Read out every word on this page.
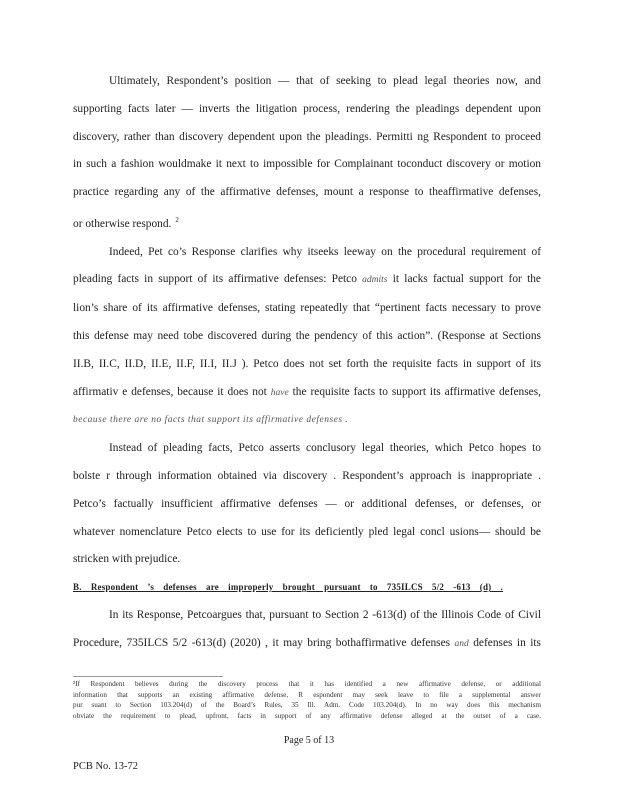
Ultimately, Respondent’s position — that of seeking to plead legal theories now, and
supporting facts later — inverts the litigation process, rendering the pleadings dependent upon
discovery, rather than discovery dependent upon the pleadings. Permitti ng Respondent to proceed
in such a fashion wouldmake it next to impossible for Complainant toconduct discovery or motion
practice regarding any of the affirmative defenses, mount a response to theaffirmative defenses,
or otherwise respond. $^2$
Indeed, Pet co’s Response clarifies why itseeks leeway on the procedural requirement of
pleading facts in support of its affirmative defenses: Petco admits it lacks factual support for the
lion’s share of its affirmative defenses, stating repeatedly that “pertinent facts necessary to prove
this defense may need tobe discovered during the pendency of this action”. (Response at Sections
II.B, II.C, II.D, II.E, II.F, II.I, II.J ). Petco does not set forth the requisite facts in support of its
affirmativ e defenses, because it does not have the requisite facts to support its affirmative defenses,
because there are no facts that support its affirmative defenses .
Instead of pleading facts, Petco asserts conclusory legal theories, which Petco hopes to
bolste r through information obtained via discovery . Respondent’s approach is inappropriate .
Petco’s factually insufficient affirmative defenses — or additional defenses, or defenses, or
whatever nomenclature Petco elects to use for its deficiently pled legal concl usions— should be
stricken with prejudice.
B. Respondent ’s defenses are improperly brought pursuant to 735ILCS 5/2 -613 (d) .
In its Response, Petcoargues that, pursuant to Section 2 -613(d) of the Illinois Code of Civil
Procedure, 735ILCS 5/2 -613(d) (2020) , it may bring bothaffirmative defenses and defenses in its
²If Respondent believes during the discovery process that it has identified a new affirmative defense, or additional
information that supports an existing affirmative defense, R espondent may seek leave to file a supplemental answer
pur suant to Section 103.204(d) of the Board’s Rules, 35 Ill. Adm. Code 103.204(d). In no way does this mechanism
obviate the requirement to plead, upfront, facts in support of any affirmative defense alleged at the outset of a case.
Page 5 of 13
PCB No. 13-72
